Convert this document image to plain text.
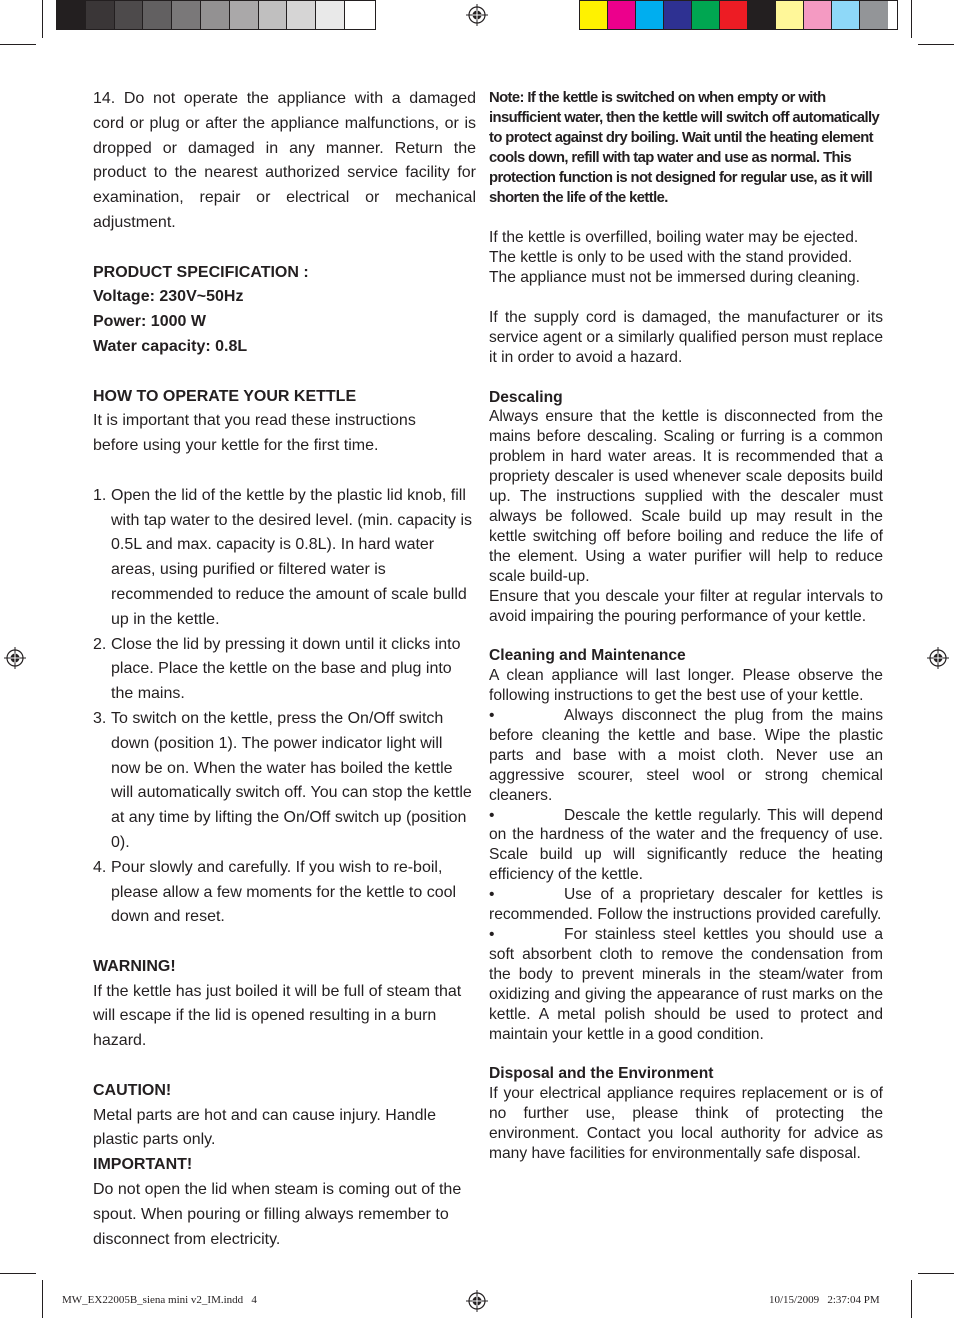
14. Do not operate the appliance with a damaged cord or plug or after the appliance malfunctions, or is dropped or damaged in any manner. Return the product to the nearest authorized service facility for examination, repair or electrical or mechanical adjustment.
PRODUCT SPECIFICATION :
Voltage: 230V~50Hz
Power: 1000 W
Water capacity: 0.8L
HOW TO OPERATE YOUR KETTLE
It is important that you read these instructions before using your kettle for the first time.
1. Open the lid of the kettle by the plastic lid knob, fill with tap water to the desired level. (min. capacity is 0.5L and max. capacity is 0.8L). In hard water areas, using purified or filtered water is recommended to reduce the amount of scale bulld up in the kettle.
2. Close the lid by pressing it down until it clicks into place. Place the kettle on the base and plug into the mains.
3. To switch on the kettle, press the On/Off switch down (position 1). The power indicator light will now be on. When the water has boiled the kettle will automatically switch off. You can stop the kettle at any time by lifting the On/Off switch up (position 0).
4. Pour slowly and carefully. If you wish to re-boil, please allow a few moments for the kettle to cool down and reset.
WARNING!
If the kettle has just boiled it will be full of steam that will escape if the lid is opened resulting in a burn hazard.
CAUTION!
Metal parts are hot and can cause injury. Handle plastic parts only.
IMPORTANT!
Do not open the lid when steam is coming out of the spout. When pouring or filling always remember to disconnect from electricity.
Note: If the kettle is switched on when empty or with insufficient water, then the kettle will switch off automatically to protect against dry boiling. Wait until the heating element cools down, refill with tap water and use as normal. This protection function is not designed for regular use, as it will shorten the life of the kettle.
If the kettle is overfilled, boiling water may be ejected. The kettle is only to be used with the stand provided. The appliance must not be immersed during cleaning.
If the supply cord is damaged, the manufacturer or its service agent or a similarly qualified person must replace it in order to avoid a hazard.
Descaling
Always ensure that the kettle is disconnected from the mains before descaling. Scaling or furring is a common problem in hard water areas. It is recommended that a propriety descaler is used whenever scale deposits build up. The instructions supplied with the descaler must always be followed. Scale build up may result in the kettle switching off before boiling and reduce the life of the element. Using a water purifier will help to reduce scale build-up.
Ensure that you descale your filter at regular intervals to avoid impairing the pouring performance of your kettle.
Cleaning and Maintenance
A clean appliance will last longer. Please observe the following instructions to get the best use of your kettle.
•	Always disconnect the plug from the mains before cleaning the kettle and base. Wipe the plastic parts and base with a moist cloth. Never use an aggressive scourer, steel wool or strong chemical cleaners.
•	Descale the kettle regularly. This will depend on the hardness of the water and the frequency of use. Scale build up will significantly reduce the heating efficiency of the kettle.
•	Use of a proprietary descaler for kettles is recommended. Follow the instructions provided carefully.
•	For stainless steel kettles you should use a soft absorbent cloth to remove the condensation from the body to prevent minerals in the steam/water from oxidizing and giving the appearance of rust marks on the kettle. A metal polish should be used to protect and maintain your kettle in a good condition.
Disposal and the Environment
If your electrical appliance requires replacement or is of no further use, please think of protecting the environment. Contact you local authority for advice as many have facilities for environmentally safe disposal.
MW_EX22005B_siena mini v2_IM.indd   4	10/15/2009   2:37:04 PM
